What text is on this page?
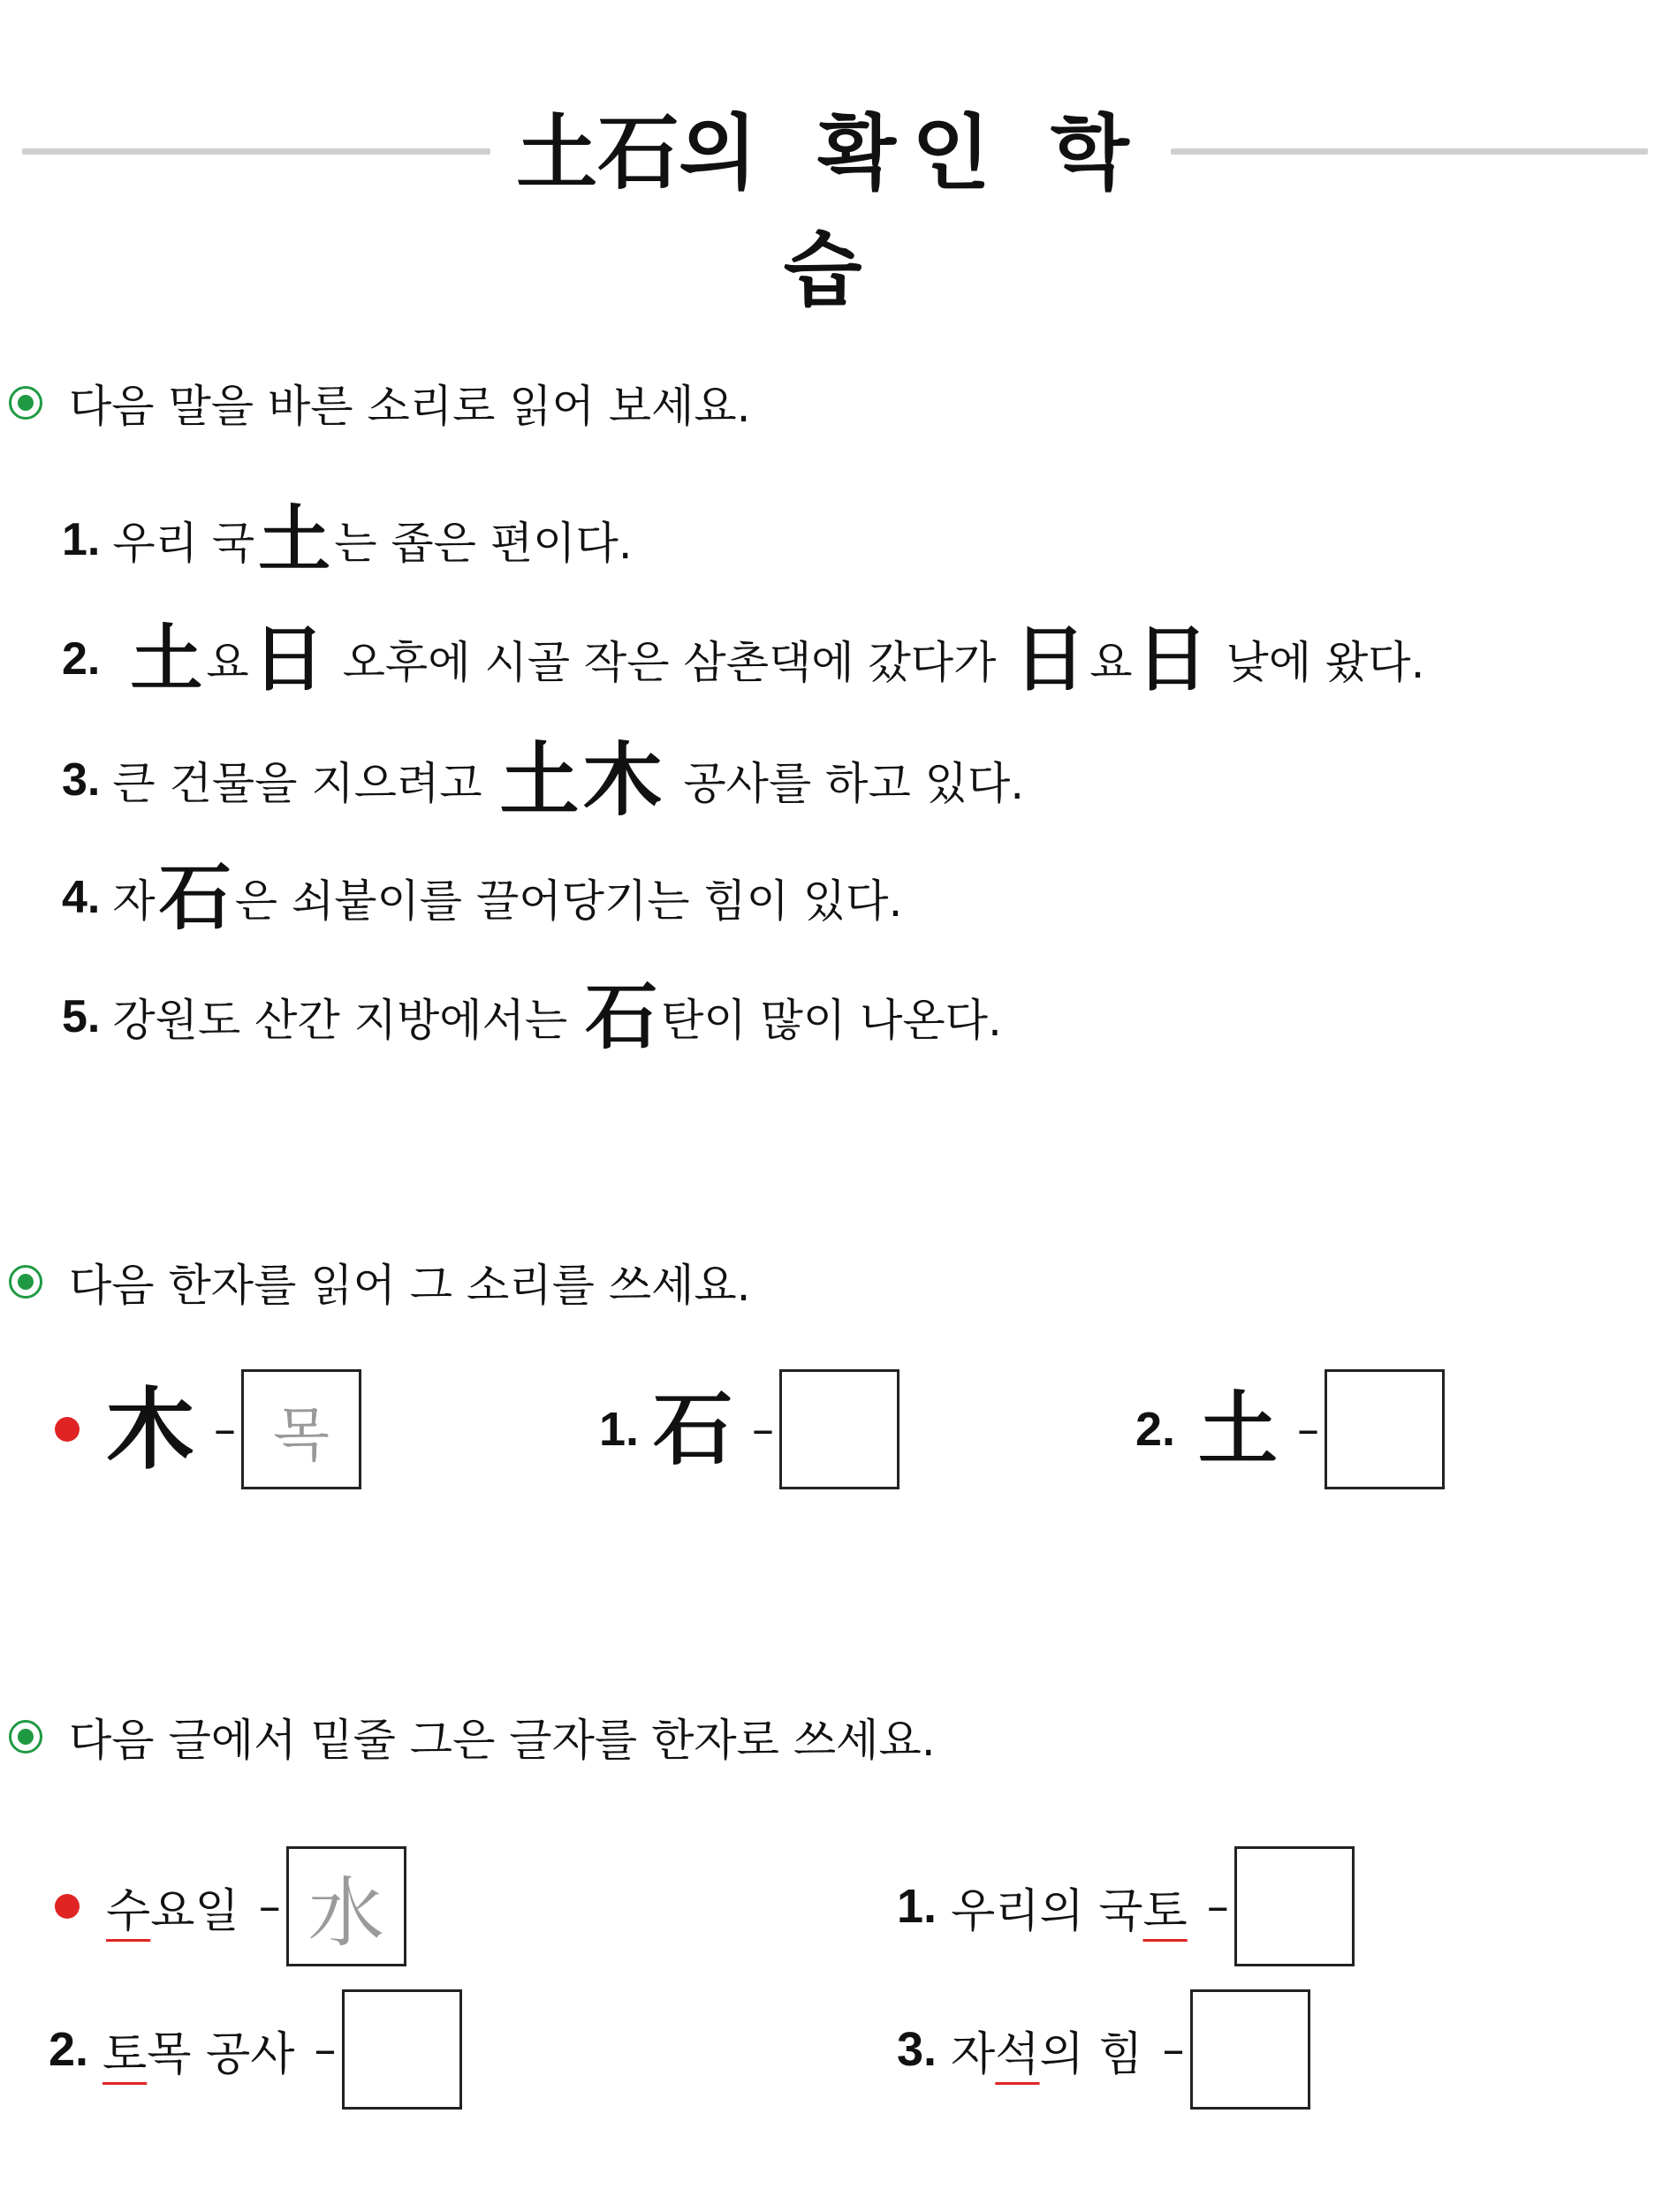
土石의 확인 학습
다음 말을 바른 소리로 읽어 보세요.
1. 우리 국 土 는 좁은 편이다.
2. 土 요 日 오후에 시골 작은 삼촌댁에 갔다가 日 요 日 낮에 왔다.
3. 큰 건물을 지으려고 土木 공사를 하고 있다.
4. 자 石 은 쇠붙이를 끌어당기는 힘이 있다.
5. 강원도 산간 지방에서는 石 탄이 많이 나온다.
다음 한자를 읽어 그 소리를 쓰세요.
木 – 목	1. 石 –	2. 土 –
다음 글에서 밑줄 그은 글자를 한자로 쓰세요.
수 요일 – 水	1. 우리의 국 토 –
2. 토 목 공사 –	3. 자 석 의 힘 –
